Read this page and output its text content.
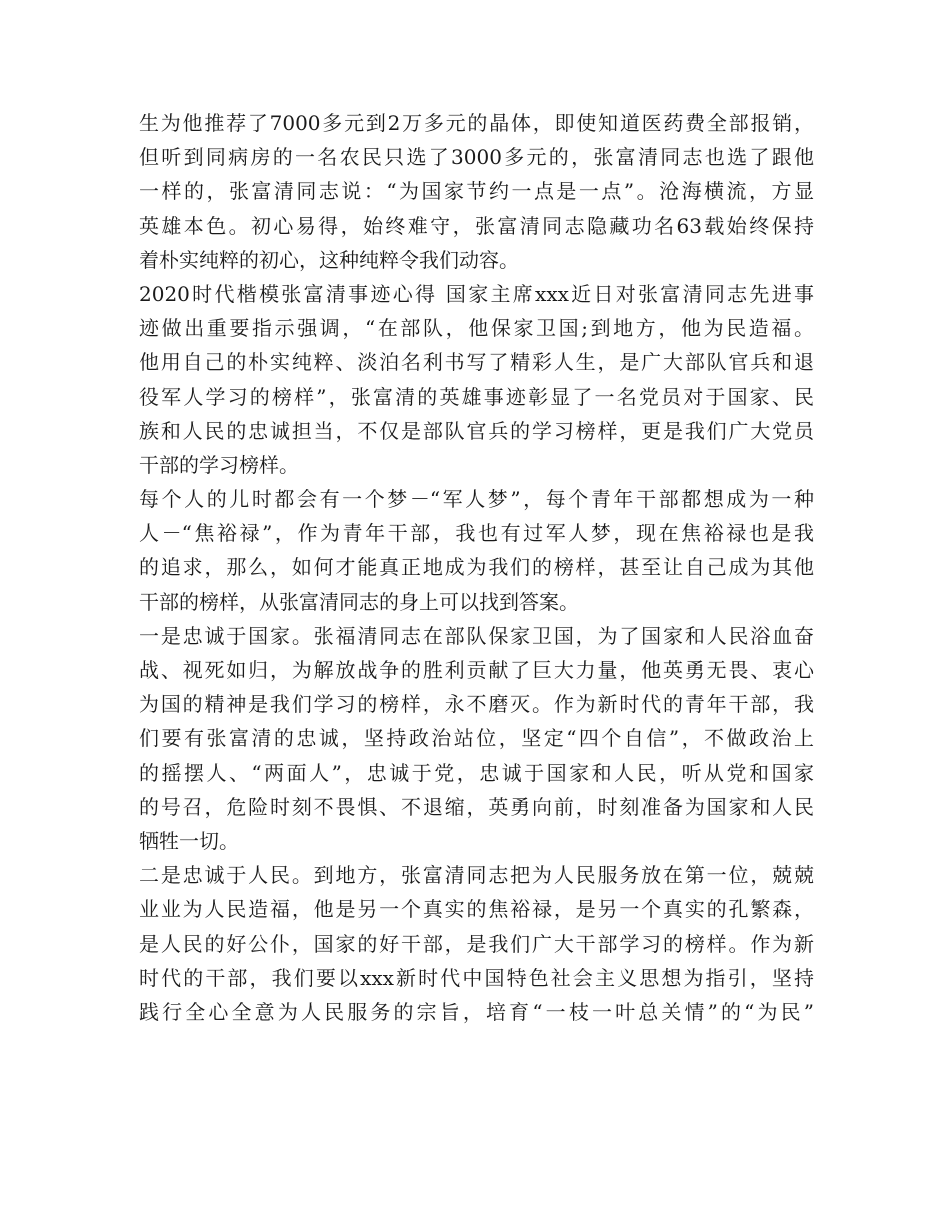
生为他推荐了7000多元到2万多元的晶体，即使知道医药费全部报销，
但听到同病房的一名农民只选了3000多元的，张富清同志也选了跟他
一样的，张富清同志说：“为国家节约一点是一点”。沧海横流，方显
英雄本色。初心易得，始终难守，张富清同志隐藏功名63载始终保持
着朴实纯粹的初心，这种纯粹令我们动容。
2020时代楷模张富清事迹心得 国家主席xxx近日对张富清同志先进事
迹做出重要指示强调，“在部队，他保家卫国;到地方，他为民造福。
他用自己的朴实纯粹、淡泊名利书写了精彩人生，是广大部队官兵和退
役军人学习的榜样”，张富清的英雄事迹彰显了一名党员对于国家、民
族和人民的忠诚担当，不仅是部队官兵的学习榜样，更是我们广大党员
干部的学习榜样。
每个人的儿时都会有一个梦－“军人梦”，每个青年干部都想成为一种
人－“焦裕禄”，作为青年干部，我也有过军人梦，现在焦裕禄也是我
的追求，那么，如何才能真正地成为我们的榜样，甚至让自己成为其他
干部的榜样，从张富清同志的身上可以找到答案。
一是忠诚于国家。张福清同志在部队保家卫国，为了国家和人民浴血奋
战、视死如归，为解放战争的胜利贡献了巨大力量，他英勇无畏、衷心
为国的精神是我们学习的榜样，永不磨灭。作为新时代的青年干部，我
们要有张富清的忠诚，坚持政治站位，坚定“四个自信”，不做政治上
的摇摆人、“两面人”，忠诚于党，忠诚于国家和人民，听从党和国家
的号召，危险时刻不畏惧、不退缩，英勇向前，时刻准备为国家和人民
牺牲一切。
二是忠诚于人民。到地方，张富清同志把为人民服务放在第一位，兢兢
业业为人民造福，他是另一个真实的焦裕禄，是另一个真实的孔繁森，
是人民的好公仆，国家的好干部，是我们广大干部学习的榜样。作为新
时代的干部，我们要以xxx新时代中国特色社会主义思想为指引，坚持
践行全心全意为人民服务的宗旨，培育“一枝一叶总关情”的“为民”
